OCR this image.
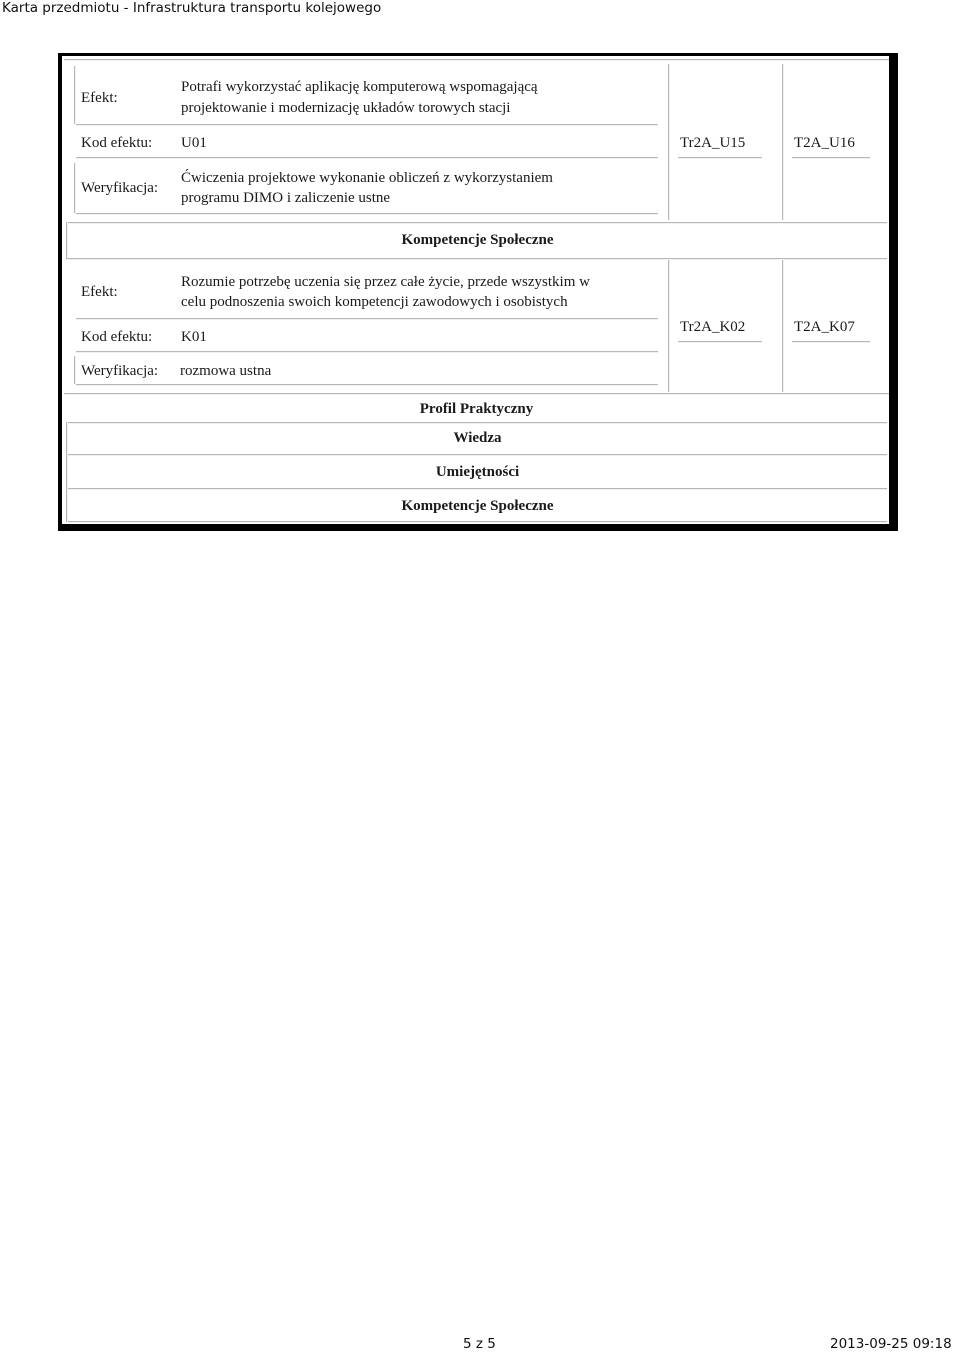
Karta przedmiotu - Infrastruktura transportu kolejowego
Efekt:
Potrafi wykorzystać aplikację komputerową wspomagającą
projektowanie i modernizację układów torowych stacji
Kod efektu: U01	Tr2A_U15	T2A_U16
Weryfikacja:
Ćwiczenia projektowe wykonanie obliczeń z wykorzystaniem
programu DIMO i zaliczenie ustne
Kompetencje Społeczne
Efekt:
Rozumie potrzebę uczenia się przez całe życie, przede wszystkim w
celu podnoszenia swoich kompetencji zawodowych i osobistych
Kod efektu: K01
Tr2A_K02	T2A_K07
Weryfikacja: rozmowa ustna
Profil Praktyczny
Wiedza
Umiejętności
Kompetencje Społeczne
5 z 5	2013-09-25 09:18
